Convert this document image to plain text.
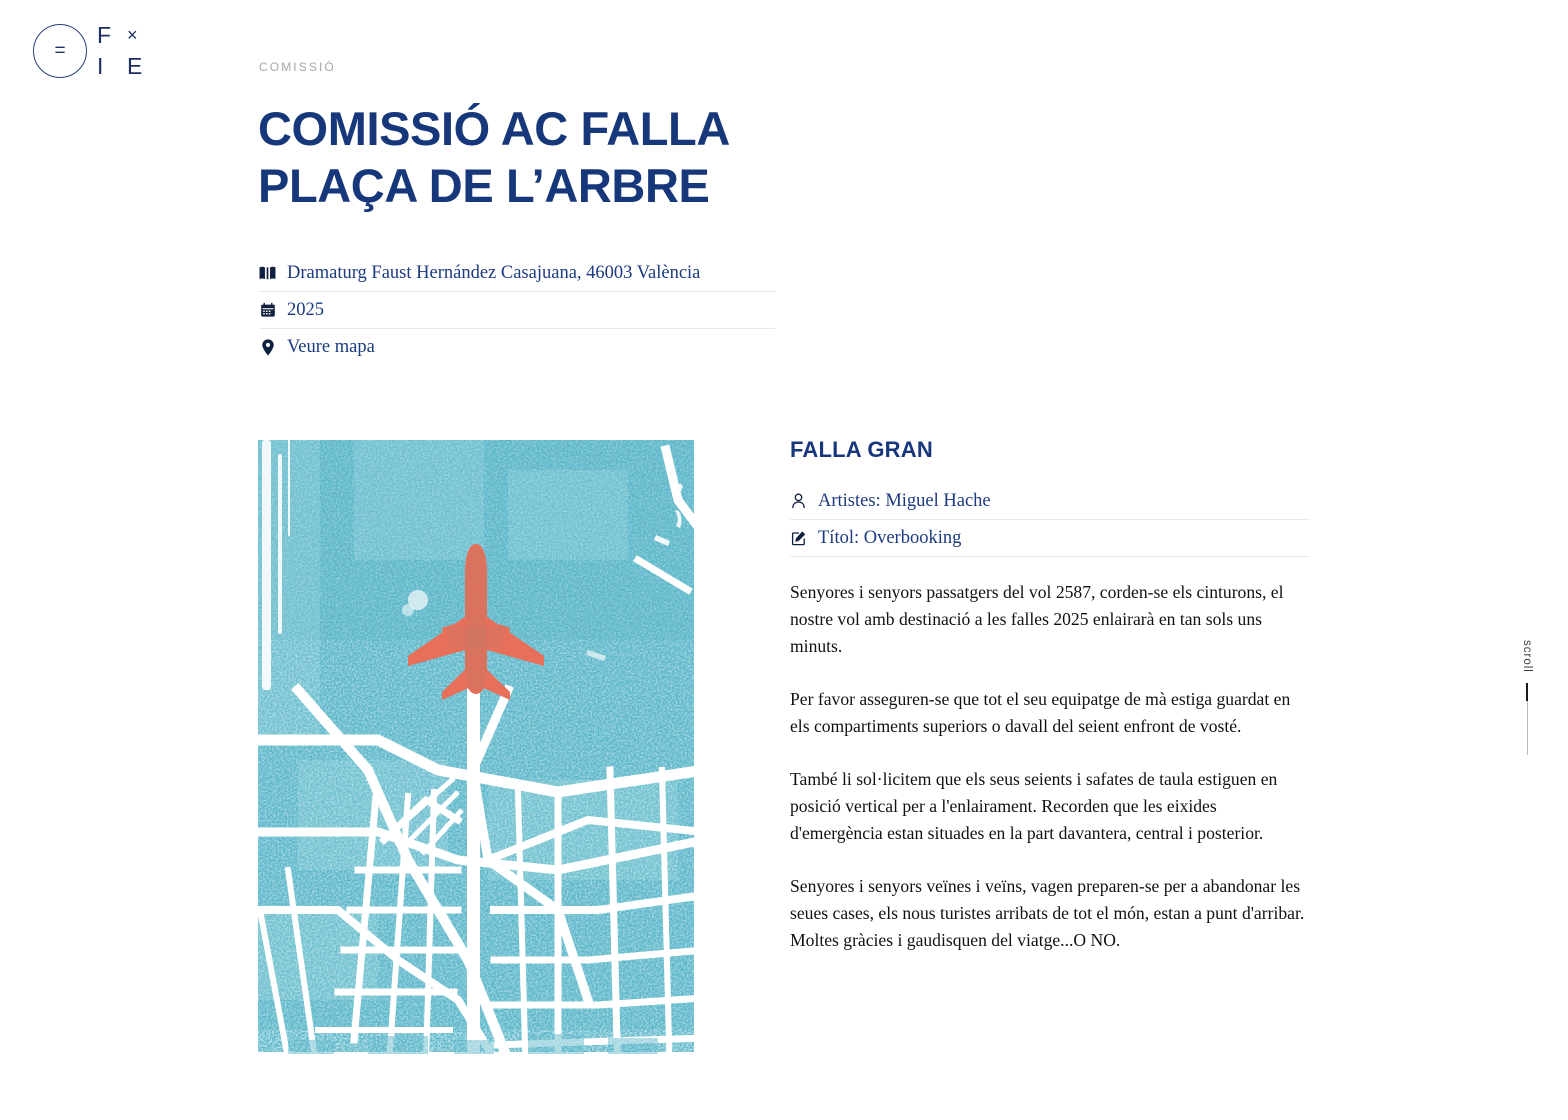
=
F ×
I	E	COMISSIÓ
COMISSIÓ AC FALLA PLAÇA DE L’ARBRE
Dramaturg Faust Hernández Casajuana, 46003 València
2025
Veure mapa
FALLA GRAN
Artistes: Miguel Hache
Títol: Overbooking

Senyores i senyors passatgers del vol 2587, corden-se els cinturons, el nostre vol amb destinació a les falles 2025 enlairarà en tan sols uns minuts.

Per favor asseguren-se que tot el seu equipatge de mà estiga guardat en els compartiments superiors o davall del seient enfront de vosté.

També li sol·licitem que els seus seients i safates de taula estiguen en posició vertical per a l'enlairament. Recorden que les eixides d'emergència estan situades en la part davantera, central i posterior.

Senyores i senyors veïnes i veïns, vagen preparen-se per a abandonar les seues cases, els nous turistes arribats de tot el món, estan a punt d'arribar. Moltes gràcies i gaudisquen del viatge...O NO.

scroll
